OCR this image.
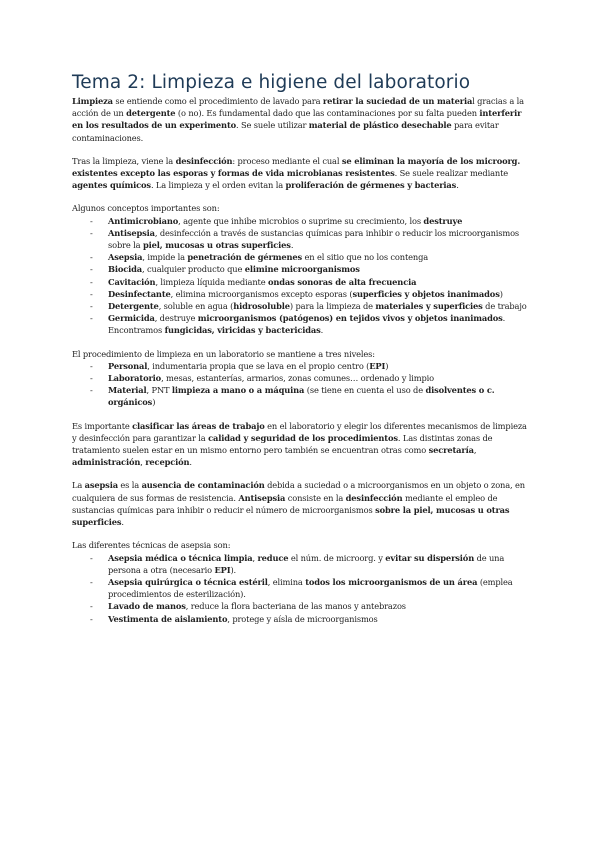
Tema 2: Limpieza e higiene del laboratorio

Limpieza se entiende como el procedimiento de lavado para retirar la suciedad de un material gracias a la acción de un detergente (o no). Es fundamental dado que las contaminaciones por su falta pueden interferir en los resultados de un experimento. Se suele utilizar material de plástico desechable para evitar contaminaciones.

Tras la limpieza, viene la desinfección: proceso mediante el cual se eliminan la mayoría de los microorg. existentes excepto las esporas y formas de vida microbianas resistentes. Se suele realizar mediante agentes químicos. La limpieza y el orden evitan la proliferación de gérmenes y bacterias.

Algunos conceptos importantes son:

- Antimicrobiano, agente que inhibe microbios o suprime su crecimiento, los destruye
- Antisepsia, desinfección a través de sustancias químicas para inhibir o reducir los microorganismos sobre la piel, mucosas u otras superficies.
- Asepsia, impide la penetración de gérmenes en el sitio que no los contenga
- Biocida, cualquier producto que elimine microorganismos
- Cavitación, limpieza líquida mediante ondas sonoras de alta frecuencia
- Desinfectante, elimina microorganismos excepto esporas (superficies y objetos inanimados)
- Detergente, soluble en agua (hidrosoluble) para la limpieza de materiales y superficies de trabajo
- Germicida, destruye microorganismos (patógenos) en tejidos vivos y objetos inanimados. Encontramos fungicidas, viricidas y bactericidas.

El procedimiento de limpieza en un laboratorio se mantiene a tres niveles:

- Personal, indumentaria propia que se lava en el propio centro (EPI)
- Laboratorio, mesas, estanterías, armarios, zonas comunes… ordenado y limpio
- Material, PNT limpieza a mano o a máquina (se tiene en cuenta el uso de disolventes o c. orgánicos)

Es importante clasificar las áreas de trabajo en el laboratorio y elegir los diferentes mecanismos de limpieza y desinfección para garantizar la calidad y seguridad de los procedimientos. Las distintas zonas de tratamiento suelen estar en un mismo entorno pero también se encuentran otras como secretaría, administración, recepción.

La asepsia es la ausencia de contaminación debida a suciedad o a microorganismos en un objeto o zona, en cualquiera de sus formas de resistencia. Antisepsia consiste en la desinfección mediante el empleo de sustancias químicas para inhibir o reducir el número de microorganismos sobre la piel, mucosas u otras superficies.

Las diferentes técnicas de asepsia son:

- Asepsia médica o técnica limpia, reduce el núm. de microorg. y evitar su dispersión de una persona a otra (necesario EPI).
- Asepsia quirúrgica o técnica estéril, elimina todos los microorganismos de un área (emplea procedimientos de esterilización).
- Lavado de manos, reduce la flora bacteriana de las manos y antebrazos
- Vestimenta de aislamiento, protege y aísla de microorganismos
